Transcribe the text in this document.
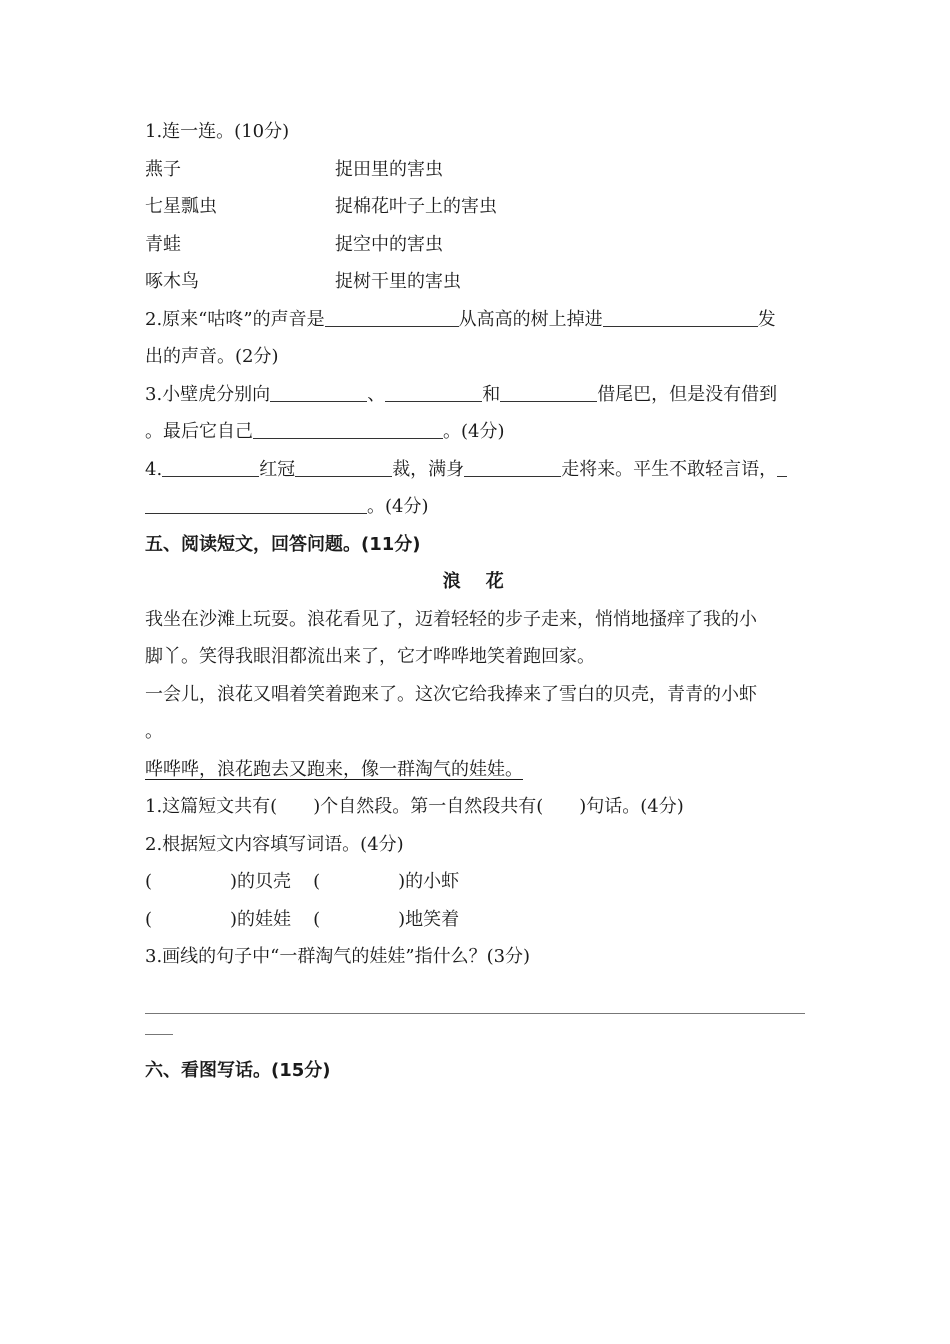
1.连一连。(10分)
燕子	捉田里的害虫
七星瓢虫	捉棉花叶子上的害虫
青蛙	捉空中的害虫
啄木鸟	捉树干里的害虫
2.原来“咕咚”的声音是	从高高的树上掉进	发
出的声音。(2分)
3.小壁虎分别向	、	和	借尾巴，但是没有借到
。最后它自己	。(4分)
4.	红冠	裁，满身	走将来。平生不敢轻言语，
。(4分)
五、阅读短文，回答问题。(11分)
浪　花
我坐在沙滩上玩耍。浪花看见了，迈着轻轻的步子走来，悄悄地搔痒了我的小
脚丫。笑得我眼泪都流出来了，它才哗哗地笑着跑回家。
一会儿，浪花又唱着笑着跑来了。这次它给我捧来了雪白的贝壳，青青的小虾
。
哗哗哗，浪花跑去又跑来，像一群淘气的娃娃。
1.这篇短文共有( )个自然段。第一自然段共有( )句话。(4分)
2.根据短文内容填写词语。(4分)
(	)的贝壳 (	)的小虾
(	)的娃娃 (	)地笑着
3.画线的句子中“一群淘气的娃娃”指什么？(3分)
六、看图写话。(15分)
